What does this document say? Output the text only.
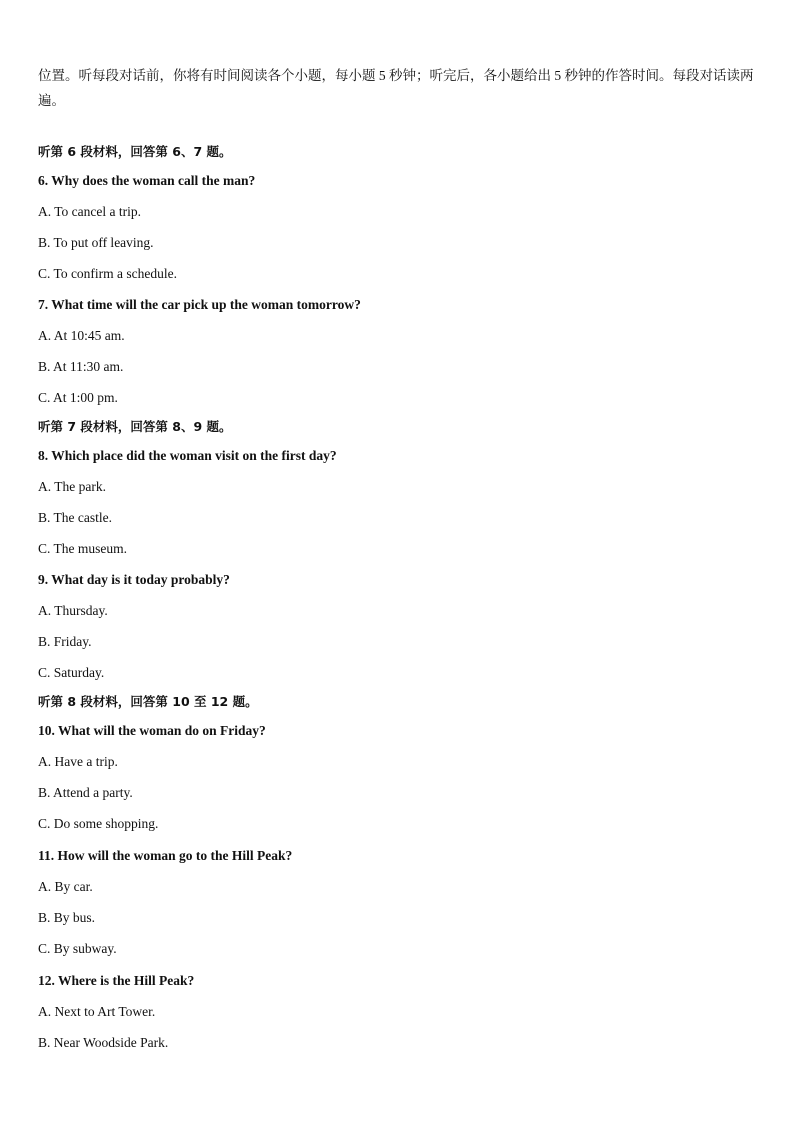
位置。听每段对话前，你将有时间阅读各个小题，每小题 5 秒钟；听完后，各小题给出 5 秒钟的作答时间。每段对话读两遍。

听第 6 段材料，回答第 6、7 题。
6. Why does the woman call the man?
A. To cancel a trip.
B. To put off leaving.
C. To confirm a schedule.
7. What time will the car pick up the woman tomorrow?
A. At 10:45 am.
B. At 11:30 am.
C. At 1:00 pm.
听第 7 段材料，回答第 8、9 题。
8. Which place did the woman visit on the first day?
A. The park.
B. The castle.
C. The museum.
9. What day is it today probably?
A. Thursday.
B. Friday.
C. Saturday.
听第 8 段材料，回答第 10 至 12 题。
10. What will the woman do on Friday?
A. Have a trip.
B. Attend a party.
C. Do some shopping.
11. How will the woman go to the Hill Peak?
A. By car.
B. By bus.
C. By subway.
12. Where is the Hill Peak?
A. Next to Art Tower.
B. Near Woodside Park.
